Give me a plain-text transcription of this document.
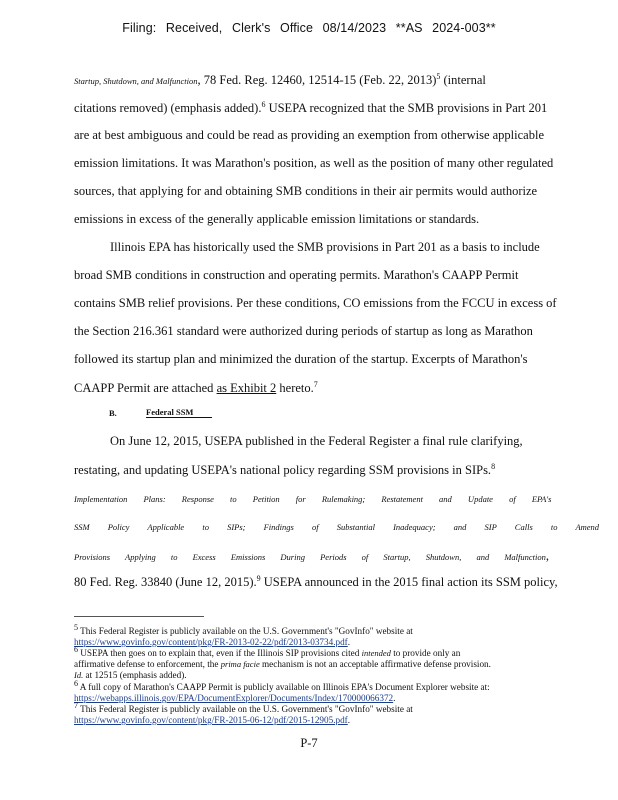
Filing: Received, Clerk's Office 08/14/2023 **AS 2024-003**
Startup, Shutdown, and Malfunction, 78 Fed. Reg. 12460, 12514-15 (Feb. 22, 2013)$^5$ (internal
citations removed) (emphasis added).$^6$ USEPA recognized that the SMB provisions in Part 201
are at best ambiguous and could be read as providing an exemption from otherwise applicable
emission limitations. It was Marathon's position, as well as the position of many other regulated
sources, that applying for and obtaining SMB conditions in their air permits would authorize
emissions in excess of the generally applicable emission limitations or standards.
Illinois EPA has historically used the SMB provisions in Part 201 as a basis to include
broad SMB conditions in construction and operating permits. Marathon's CAAPP Permit
contains SMB relief provisions. Per these conditions, CO emissions from the FCCU in excess of
the Section 216.361 standard were authorized during periods of startup as long as Marathon
followed its startup plan and minimized the duration of the startup. Excerpts of Marathon's
CAAPP Permit are attached as Exhibit 2 hereto.$^7$
B.	Federal SSM
On June 12, 2015, USEPA published in the Federal Register a final rule clarifying,
restating, and updating USEPA's national policy regarding SSM provisions in SIPs.$^8$
Implementation Plans: Response to Petition for Rulemaking; Restatement and Update of EPA's
SSM Policy Applicable to SIPs; Findings of Substantial Inadequacy; and SIP Calls to Amend
Provisions Applying to Excess Emissions During Periods of Startup, Shutdown, and Malfunction,
80 Fed. Reg. 33840 (June 12, 2015).$^9$ USEPA announced in the 2015 final action its SSM policy,
$^5$ This Federal Register is publicly available on the U.S. Government's "GovInfo" website at
https://www.govinfo.gov/content/pkg/FR-2013-02-22/pdf/2013-03734.pdf.
$^6$ USEPA then goes on to explain that, even if the Illinois SIP provisions cited intended to provide only an
affirmative defense to enforcement, the prima facie mechanism is not an acceptable affirmative defense provision.
Id. at 12515 (emphasis added).
$^6$ A full copy of Marathon's CAAPP Permit is publicly available on Illinois EPA's Document Explorer website at:
https://webapps.illinois.gov/EPA/DocumentExplorer/Documents/Index/170000066372.
$^7$ This Federal Register is publicly available on the U.S. Government's "GovInfo" website at
https://www.govinfo.gov/content/pkg/FR-2015-06-12/pdf/2015-12905.pdf.
P-7
